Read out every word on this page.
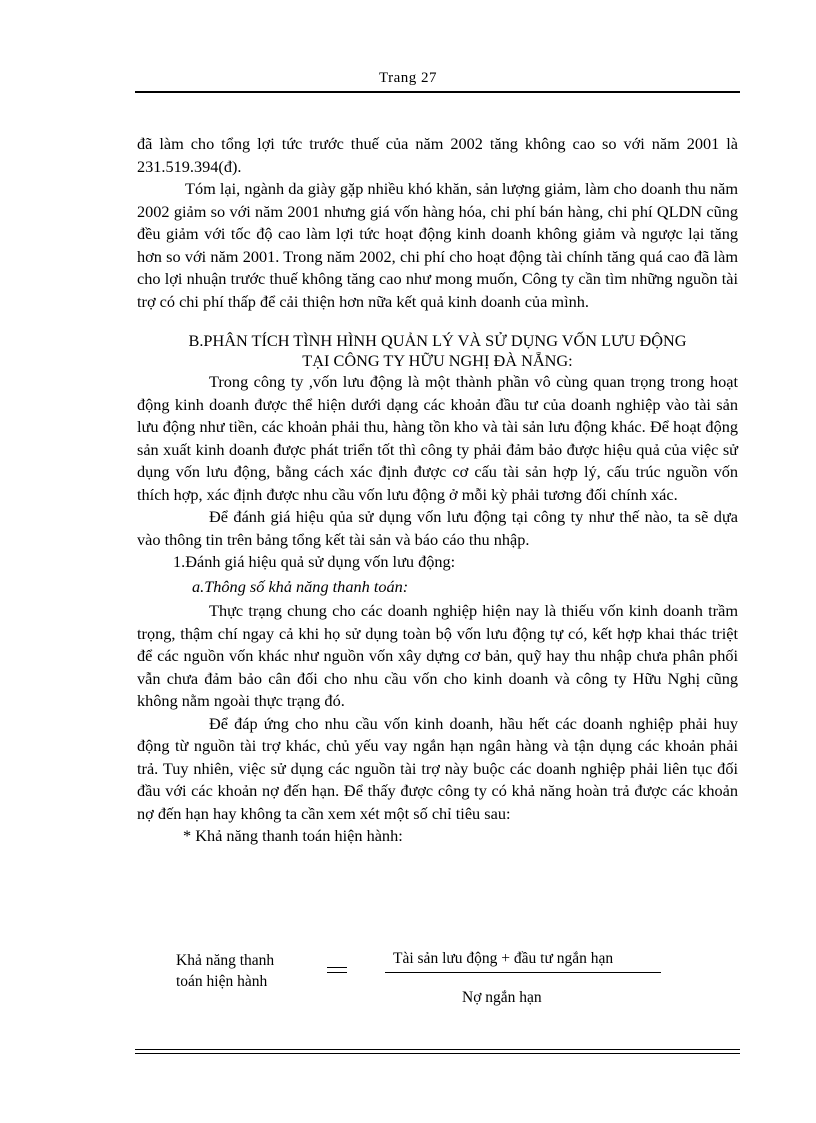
Trang 27

đã làm cho tổng lợi tức trước thuế của năm 2002 tăng không cao so với năm 2001 là 231.519.394(đ).

Tóm lại, ngành da giày gặp nhiều khó khăn, sản lượng giảm, làm cho doanh thu năm 2002 giảm so với năm 2001 nhưng giá vốn hàng hóa, chi phí bán hàng, chi phí QLDN cũng đều giảm với tốc độ cao làm lợi tức hoạt động kinh doanh không giảm và ngược lại tăng hơn so với năm 2001. Trong năm 2002, chi phí cho hoạt động tài chính tăng quá cao đã làm cho lợi nhuận trước thuế không tăng cao như mong muốn, Công ty cần tìm những nguồn tài trợ có chi phí thấp để cải thiện hơn nữa kết quả kinh doanh của mình.

B.PHÂN TÍCH TÌNH HÌNH QUẢN LÝ VÀ SỬ DỤNG VỐN LƯU ĐỘNG

TẠI CÔNG TY HỮU NGHỊ ĐÀ NẴNG:

Trong công ty ,vốn lưu động là một thành phần vô cùng quan trọng trong hoạt động kinh doanh được thể hiện dưới dạng các khoản đầu tư của doanh nghiệp vào tài sản lưu động như tiền, các khoản phải thu, hàng tồn kho và tài sản lưu động khác. Để hoạt động sản xuất kinh doanh được phát triển tốt thì công ty phải đảm bảo được hiệu quả của việc sử dụng vốn lưu động, bằng cách xác định được cơ cấu tài sản hợp lý, cấu trúc nguồn vốn thích hợp, xác định được nhu cầu vốn lưu động ở mỗi kỳ phải tương đối chính xác.

Để đánh giá hiệu qủa sử dụng vốn lưu động tại công ty như thế nào, ta sẽ dựa vào thông tin trên bảng tổng kết tài sản và báo cáo thu nhập.

1.Đánh giá hiệu quả sử dụng vốn lưu động:

a.Thông số khả năng thanh toán:

Thực trạng chung cho các doanh nghiệp hiện nay là thiếu vốn kinh doanh trầm trọng, thậm chí ngay cả khi họ sử dụng toàn bộ vốn lưu động tự có, kết hợp khai thác triệt để các nguồn vốn khác như nguồn vốn xây dựng cơ bản, quỹ hay thu nhập chưa phân phối vẫn chưa đảm bảo cân đối cho nhu cầu vốn cho kinh doanh và công ty Hữu Nghị cũng không nằm ngoài thực trạng đó.

Để đáp ứng cho nhu cầu vốn kinh doanh, hầu hết các doanh nghiệp phải huy động từ nguồn tài trợ khác, chủ yếu vay ngắn hạn ngân hàng và tận dụng các khoản phải trả. Tuy nhiên, việc sử dụng các nguồn tài trợ này buộc các doanh nghiệp phải liên tục đối đầu với các khoản nợ đến hạn. Để thấy được công ty có khả năng hoàn trả được các khoản nợ đến hạn hay không ta cần xem xét một số chỉ tiêu sau:

* Khả năng thanh toán hiện hành:

Khả năng thanh
toán hiện hành
Tài sản lưu động + đầu tư ngắn hạn
Nợ ngắn hạn
